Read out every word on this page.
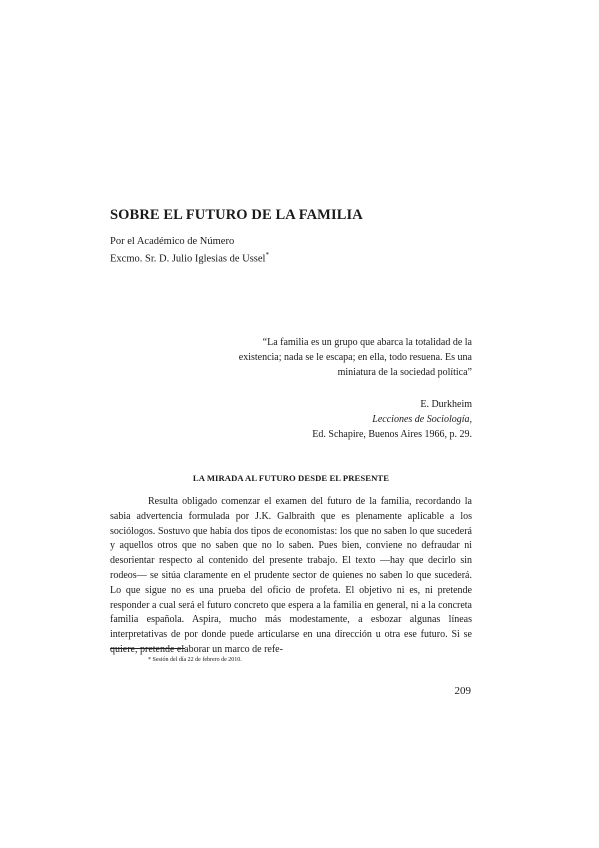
SOBRE EL FUTURO DE LA FAMILIA
Por el Académico de Número
Excmo. Sr. D. Julio Iglesias de Ussel*
“La familia es un grupo que abarca la totalidad de la existencia; nada se le escapa; en ella, todo resuena. Es una miniatura de la sociedad política”
E. Durkheim
Lecciones de Sociología,
Ed. Schapire, Buenos Aires 1966, p. 29.
LA MIRADA AL FUTURO DESDE EL PRESENTE

Resulta obligado comenzar el examen del futuro de la familia, recordando la sabia advertencia formulada por J.K. Galbraith que es plenamente aplicable a los sociólogos. Sostuvo que había dos tipos de economistas: los que no saben lo que sucederá y aquellos otros que no saben que no lo saben. Pues bien, conviene no defraudar ni desorientar respecto al contenido del presente trabajo. El texto —hay que decirlo sin rodeos— se sitúa claramente en el prudente sector de quienes no saben lo que sucederá. Lo que sigue no es una prueba del oficio de profeta. El objetivo ni es, ni pretende responder a cual será el futuro concreto que espera a la familia en general, ni a la concreta familia española. Aspira, mucho más modestamente, a esbozar algunas líneas interpretativas de por donde puede articularse en una dirección u otra ese futuro. Si se quiere, pretende elaborar un marco de refe-

* Sesión del día 22 de febrero de 2010.
209
